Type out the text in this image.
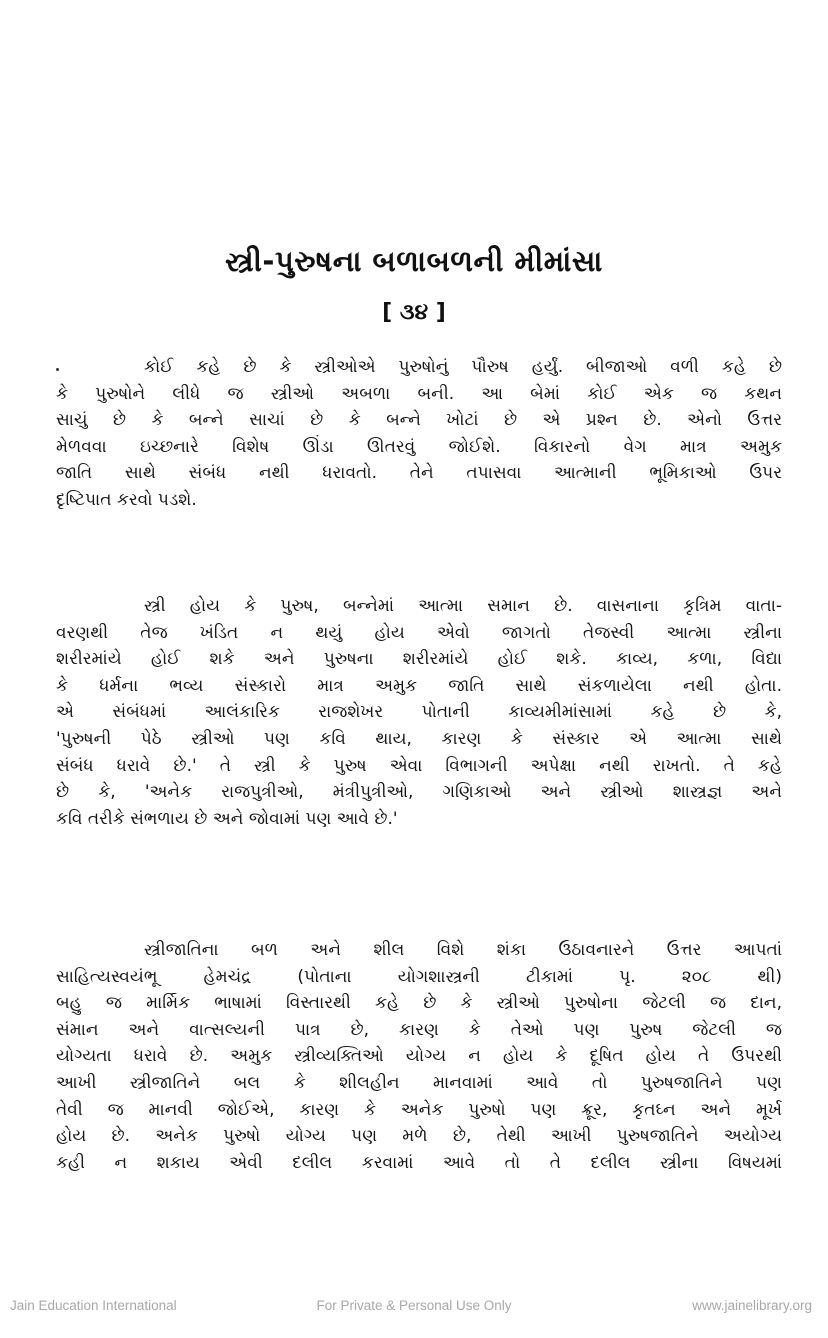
સ્ત્રી-પુરુષના બળાબળની મીમાંસા
[ ૩૪ ]
કોઈ કહે છે કે સ્ત્રીઓએ પુરુષોનું પૌરુષ હર્યું. બીજાઓ વળી કહે છે
કે પુરુષોને લીધે જ સ્ત્રીઓ અબળા બની. આ બેમાં કોઈ એક જ કથન
સાચું છે કે બન્ને સાચાં છે કે બન્ને ખોટાં છે એ પ્રશ્ન છે. એનો ઉત્તર
મેળવવા ઇચ્છનારે વિશેષ ઊંડા ઊતરવું જોઈશે. વિકારનો વેગ માત્ર અમુક
જાતિ સાથે સંબંધ નથી ધરાવતો. તેને તપાસવા આત્માની ભૂમિકાઓ ઉપર
દૃષ્ટિપાત કરવો પડશે.
સ્ત્રી હોય કે પુરુષ, બન્નેમાં આત્મા સમાન છે. વાસનાના કૃત્રિમ વાતા-
વરણથી તેજ ખંડિત ન થયું હોય એવો જાગતો તેજસ્વી આત્મા સ્ત્રીના
શરીરમાંયે હોઈ શકે અને પુરુષના શરીરમાંયે હોઈ શકે. કાવ્ય, કળા, વિદ્યા
કે ધર્મના ભવ્ય સંસ્કારો માત્ર અમુક જાતિ સાથે સંકળાયેલા નથી હોતા.
એ સંબંધમાં આલંકારિક રાજશેખર પોતાની કાવ્યમીમાંસામાં કહે છે કે,
'પુરુષની પેઠે સ્ત્રીઓ પણ કવિ થાય, કારણ કે સંસ્કાર એ આત્મા સાથે
સંબંધ ધરાવે છે.' તે સ્ત્રી કે પુરુષ એવા વિભાગની અપેક્ષા નથી રાખતો. તે કહે
છે કે, 'અનેક રાજપુત્રીઓ, મંત્રીપુત્રીઓ, ગણિકાઓ અને સ્ત્રીઓ શાસ્ત્રજ્ઞ અને
કવિ તરીકે સંભળાય છે અને જોવામાં પણ આવે છે.'
સ્ત્રીજાતિના બળ અને શીલ વિશે શંકા ઉઠાવનારને ઉત્તર આપતાં
સાહિત્યસ્વયંભૂ હેમચંદ્ર (પોતાના યોગશાસ્ત્રની ટીકામાં પૃ. ૨૦૮ થી)
બહુ જ માર્મિક ભાષામાં વિસ્તારથી કહે છે કે સ્ત્રીઓ પુરુષોના જેટલી જ દાન,
સંમાન અને વાત્સલ્યની પાત્ર છે, કારણ કે તેઓ પણ પુરુષ જેટલી જ
યોગ્યતા ધરાવે છે. અમુક સ્ત્રીવ્યક્તિઓ યોગ્ય ન હોય કે દૂષિત હોય તે ઉપરથી
આખી સ્ત્રીજાતિને બલ કે શીલહીન માનવામાં આવે તો પુરુષજાતિને પણ
તેવી જ માનવી જોઈએ, કારણ કે અનેક પુરુષો પણ ક્રૂર, કૃતઘ્ન અને મૂર્ખ
હોય છે. અનેક પુરુષો યોગ્ય પણ મળે છે, તેથી આખી પુરુષજાતિને અયોગ્ય
કહી ન શકાય એવી દલીલ કરવામાં આવે તો તે દલીલ સ્ત્રીના વિષયમાં
Jain Education International	For Private & Personal Use Only	www.jainelibrary.org
